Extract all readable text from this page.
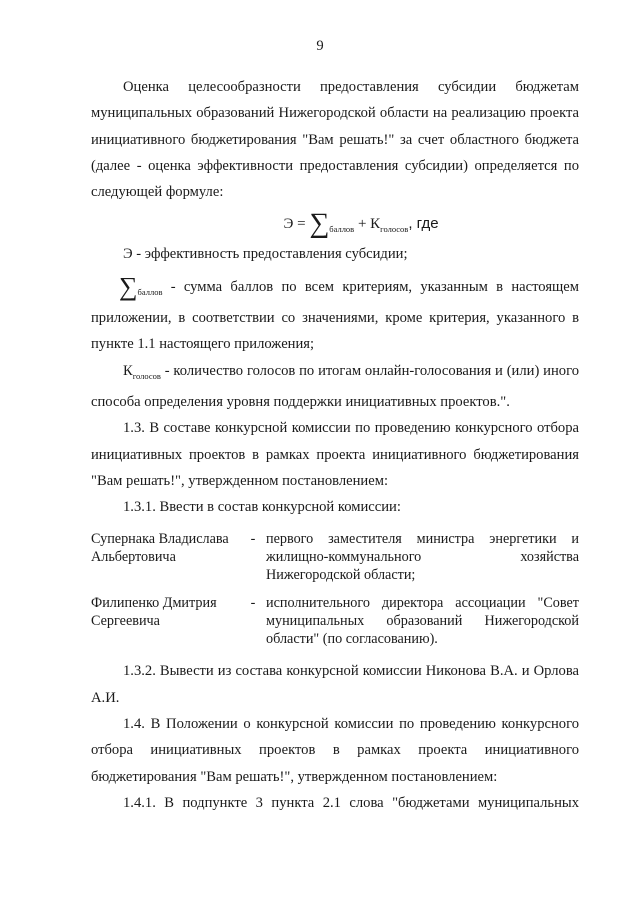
9

Оценка целесообразности предоставления субсидии бюджетам муниципальных образований Нижегородской области на реализацию проекта инициативного бюджетирования "Вам решать!" за счет областного бюджета (далее - оценка эффективности предоставления субсидии) определяется по следующей формуле:

$Э = \sum_{баллов} + К_{голосов}$, где

Э - эффективность предоставления субсидии;

$\sum_{баллов}$ - сумма баллов по всем критериям, указанным в настоящем приложении, в соответствии со значениями, кроме критерия, указанного в пункте 1.1 настоящего приложения;

$К_{голосов}$ - количество голосов по итогам онлайн-голосования и (или) иного способа определения уровня поддержки инициативных проектов.".

1.3. В составе конкурсной комиссии по проведению конкурсного отбора инициативных проектов в рамках проекта инициативного бюджетирования "Вам решать!", утвержденном постановлением:

1.3.1. Ввести в состав конкурсной комиссии:

Супернака Владислава Альбертовича
- первого заместителя министра энергетики и жилищно-коммунального хозяйства Нижегородской области;
Филипенко Дмитрия Сергеевича
- исполнительного директора ассоциации "Совет муниципальных образований Нижегородской области" (по согласованию).

1.3.2. Вывести из состава конкурсной комиссии Никонова В.А. и Орлова А.И.

1.4. В Положении о конкурсной комиссии по проведению конкурсного отбора инициативных проектов в рамках проекта инициативного бюджетирования "Вам решать!", утвержденном постановлением:

1.4.1. В подпункте 3 пункта 2.1 слова "бюджетами муниципальных
